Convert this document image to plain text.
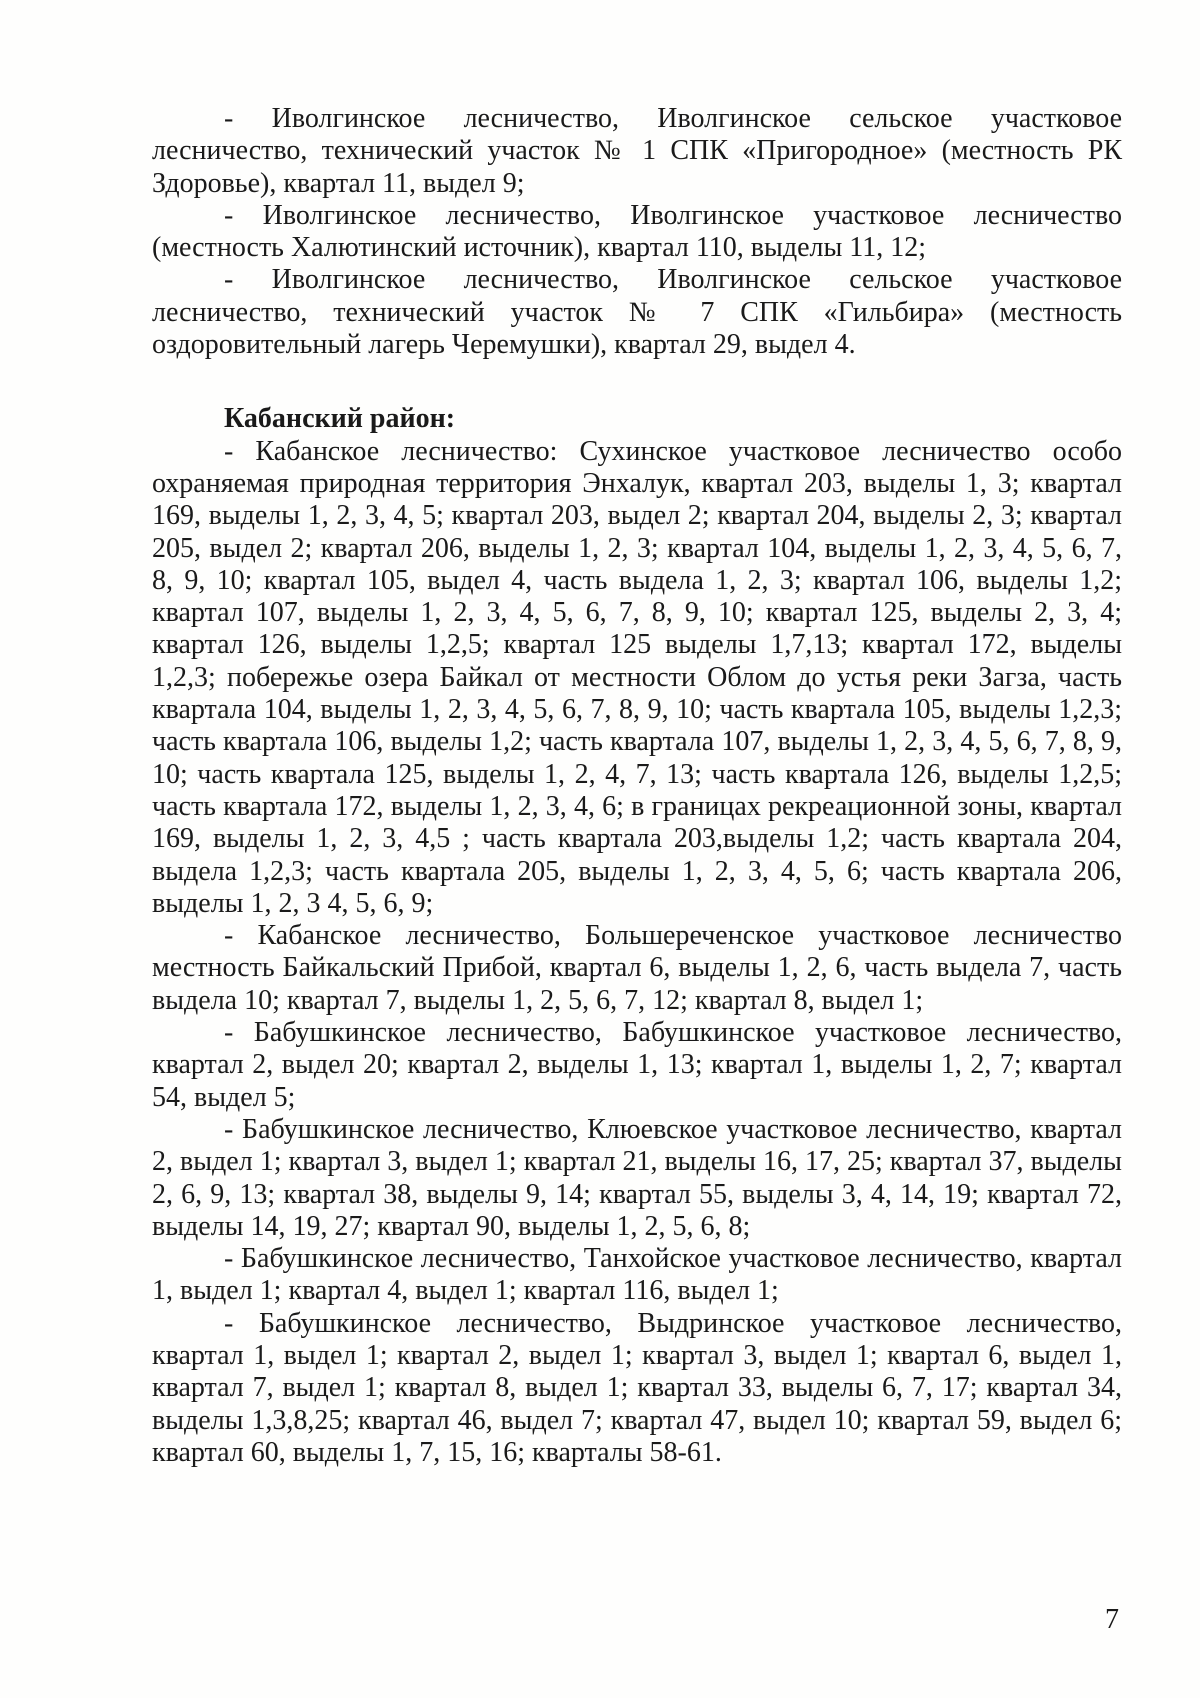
- Иволгинское лесничество, Иволгинское сельское участковое лесничество, технический участок № 1 СПК «Пригородное» (местность РК Здоровье), квартал 11, выдел 9;

- Иволгинское лесничество, Иволгинское участковое лесничество (местность Халютинский источник), квартал 110, выделы 11, 12;

- Иволгинское лесничество, Иволгинское сельское участковое лесничество, технический участок № 7 СПК «Гильбира» (местность оздоровительный лагерь Черемушки), квартал 29, выдел 4.

Кабанский район:

- Кабанское лесничество: Сухинское участковое лесничество особо охраняемая природная территория Энхалук, квартал 203, выделы 1, 3; квартал 169, выделы 1, 2, 3, 4, 5; квартал 203, выдел 2; квартал 204, выделы 2, 3; квартал 205, выдел 2; квартал 206, выделы 1, 2, 3; квартал 104, выделы 1, 2, 3, 4, 5, 6, 7, 8, 9, 10; квартал 105, выдел 4, часть выдела 1, 2, 3; квартал 106, выделы 1,2; квартал 107, выделы 1, 2, 3, 4, 5, 6, 7, 8, 9, 10; квартал 125, выделы 2, 3, 4; квартал 126, выделы 1,2,5; квартал 125 выделы 1,7,13; квартал 172, выделы 1,2,3; побережье озера Байкал от местности Облом до устья реки Загза, часть квартала 104, выделы 1, 2, 3, 4, 5, 6, 7, 8, 9, 10; часть квартала 105, выделы 1,2,3; часть квартала 106, выделы 1,2; часть квартала 107, выделы 1, 2, 3, 4, 5, 6, 7, 8, 9, 10; часть квартала 125, выделы 1, 2, 4, 7, 13; часть квартала 126, выделы 1,2,5; часть квартала 172, выделы 1, 2, 3, 4, 6; в границах рекреационной зоны, квартал 169, выделы 1, 2, 3, 4,5 ; часть квартала 203,выделы 1,2; часть квартала 204, выдела 1,2,3; часть квартала 205, выделы 1, 2, 3, 4, 5, 6; часть квартала 206, выделы 1, 2, 3 4, 5, 6, 9;

- Кабанское лесничество, Большереченское участковое лесничество местность Байкальский Прибой, квартал 6, выделы 1, 2, 6, часть выдела 7, часть выдела 10; квартал 7, выделы 1, 2, 5, 6, 7, 12; квартал 8, выдел 1;

- Бабушкинское лесничество, Бабушкинское участковое лесничество, квартал 2, выдел 20; квартал 2, выделы 1, 13; квартал 1, выделы 1, 2, 7; квартал 54, выдел 5;

- Бабушкинское лесничество, Клюевское участковое лесничество, квартал 2, выдел 1; квартал 3, выдел 1; квартал 21, выделы 16, 17, 25; квартал 37, выделы 2, 6, 9, 13; квартал 38, выделы 9, 14; квартал 55, выделы 3, 4, 14, 19; квартал 72, выделы 14, 19, 27; квартал 90, выделы 1, 2, 5, 6, 8;

- Бабушкинское лесничество, Танхойское участковое лесничество, квартал 1, выдел 1; квартал 4, выдел 1; квартал 116, выдел 1;

- Бабушкинское лесничество, Выдринское участковое лесничество, квартал 1, выдел 1; квартал 2, выдел 1; квартал 3, выдел 1; квартал 6, выдел 1, квартал 7, выдел 1; квартал 8, выдел 1; квартал 33, выделы 6, 7, 17; квартал 34, выделы 1,3,8,25; квартал 46, выдел 7; квартал 47, выдел 10; квартал 59, выдел 6; квартал 60, выделы 1, 7, 15, 16; кварталы 58-61.

7
